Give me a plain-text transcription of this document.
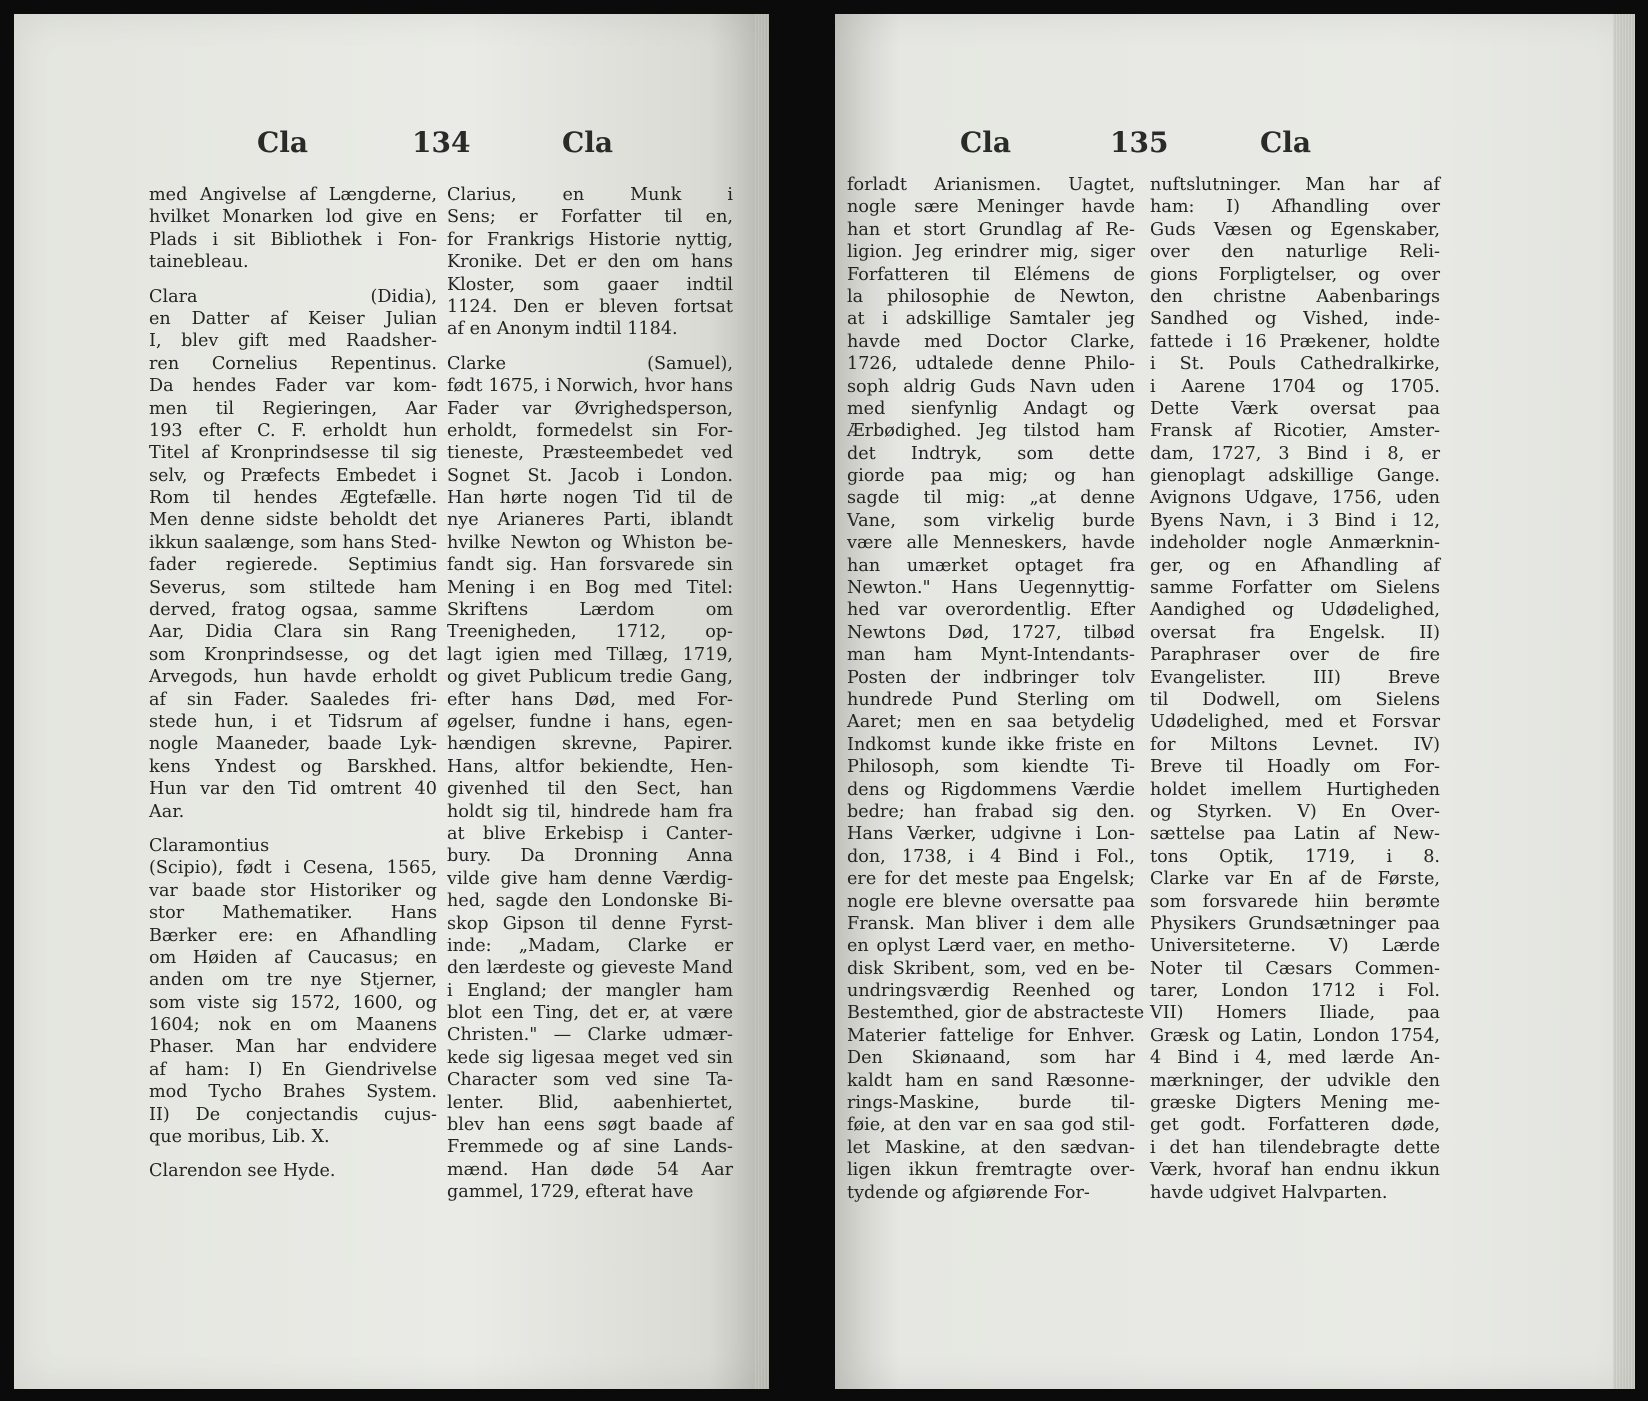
Cla	134	Cla
med Angivelse af Længderne,
hvilket Monarken lod give en
Plads i sit Bibliothek i Fon-
tainebleau.
Clara (Didia),
en Datter af Keiser Julian
I, blev gift med Raadsher-
ren Cornelius Repentinus.
Da hendes Fader var kom-
men til Regieringen, Aar
193 efter C. F. erholdt hun
Titel af Kronprindsesse til sig
selv, og Præfects Embedet i
Rom til hendes Ægtefælle.
Men denne sidste beholdt det
ikkun saalænge, som hans Sted-
fader regierede. Septimius
Severus, som stiltede ham
derved, fratog ogsaa, samme
Aar, Didia Clara sin Rang
som Kronprindsesse, og det
Arvegods, hun havde erholdt
af sin Fader. Saaledes fri-
stede hun, i et Tidsrum af
nogle Maaneder, baade Lyk-
kens Yndest og Barskhed.
Hun var den Tid omtrent 40
Aar.
Claramontius
(Scipio), født i Cesena, 1565,
var baade stor Historiker og
stor Mathematiker. Hans
Bærker ere: en Afhandling
om Høiden af Caucasus; en
anden om tre nye Stjerner,
som viste sig 1572, 1600, og
1604; nok en om Maanens
Phaser. Man har endvidere
af ham: I) En Giendrivelse
mod Tycho Brahes System.
II) De conjectandis cujus-
que moribus, Lib. X.
Clarendon see Hyde.
Clarius, en Munk i
Sens; er Forfatter til en,
for Frankrigs Historie nyttig,
Kronike. Det er den om hans
Kloster, som gaaer indtil
1124. Den er bleven fortsat
af en Anonym indtil 1184.
Clarke (Samuel),
født 1675, i Norwich, hvor hans
Fader var Øvrighedsperson,
erholdt, formedelst sin For-
tieneste, Præsteembedet ved
Sognet St. Jacob i London.
Han hørte nogen Tid til de
nye Arianeres Parti, iblandt
hvilke Newton og Whiston be-
fandt sig. Han forsvarede sin
Mening i en Bog med Titel:
Skriftens Lærdom om
Treenigheden, 1712, op-
lagt igien med Tillæg, 1719,
og givet Publicum tredie Gang,
efter hans Død, med For-
øgelser, fundne i hans, egen-
hændigen skrevne, Papirer.
Hans, altfor bekiendte, Hen-
givenhed til den Sect, han
holdt sig til, hindrede ham fra
at blive Erkebisp i Canter-
bury. Da Dronning Anna
vilde give ham denne Værdig-
hed, sagde den Londonske Bi-
skop Gipson til denne Fyrst-
inde: „Madam, Clarke er
den lærdeste og gieveste Mand
i England; der mangler ham
blot een Ting, det er, at være
Christen." — Clarke udmær-
kede sig ligesaa meget ved sin
Character som ved sine Ta-
lenter. Blid, aabenhiertet,
blev han eens søgt baade af
Fremmede og af sine Lands-
mænd. Han døde 54 Aar
gammel, 1729, efterat have
Cla	135	Cla
forladt Arianismen. Uagtet,
nogle sære Meninger havde
han et stort Grundlag af Re-
ligion. Jeg erindrer mig, siger
Forfatteren til Elémens de
la philosophie de Newton,
at i adskillige Samtaler jeg
havde med Doctor Clarke,
1726, udtalede denne Philo-
soph aldrig Guds Navn uden
med sienfynlig Andagt og
Ærbødighed. Jeg tilstod ham
det Indtryk, som dette
giorde paa mig; og han
sagde til mig: „at denne
Vane, som virkelig burde
være alle Menneskers, havde
han umærket optaget fra
Newton." Hans Uegennyttig-
hed var overordentlig. Efter
Newtons Død, 1727, tilbød
man ham Mynt-Intendants-
Posten der indbringer tolv
hundrede Pund Sterling om
Aaret; men en saa betydelig
Indkomst kunde ikke friste en
Philosoph, som kiendte Ti-
dens og Rigdommens Værdie
bedre; han frabad sig den.
Hans Værker, udgivne i Lon-
don, 1738, i 4 Bind i Fol.,
ere for det meste paa Engelsk;
nogle ere blevne oversatte paa
Fransk. Man bliver i dem alle
en oplyst Lærd vaer, en metho-
disk Skribent, som, ved en be-
undringsværdig Reenhed og
Bestemthed, gior de abstracteste
Materier fattelige for Enhver.
Den Skiønaand, som har
kaldt ham en sand Ræsonne-
rings-Maskine, burde til-
føie, at den var en saa god stil-
let Maskine, at den sædvan-
ligen ikkun fremtragte over-
tydende og afgiørende For-
nuftslutninger. Man har af
ham: I) Afhandling over
Guds Væsen og Egenskaber,
over den naturlige Reli-
gions Forpligtelser, og over
den christne Aabenbarings
Sandhed og Vished, inde-
fattede i 16 Prækener, holdte
i St. Pouls Cathedralkirke,
i Aarene 1704 og 1705.
Dette Værk oversat paa
Fransk af Ricotier, Amster-
dam, 1727, 3 Bind i 8, er
gienoplagt adskillige Gange.
Avignons Udgave, 1756, uden
Byens Navn, i 3 Bind i 12,
indeholder nogle Anmærknin-
ger, og en Afhandling af
samme Forfatter om Sielens
Aandighed og Udødelighed,
oversat fra Engelsk. II)
Paraphraser over de fire
Evangelister. III) Breve
til Dodwell, om Sielens
Udødelighed, med et Forsvar
for Miltons Levnet. IV)
Breve til Hoadly om For-
holdet imellem Hurtigheden
og Styrken. V) En Over-
sættelse paa Latin af New-
tons Optik, 1719, i 8.
Clarke var En af de Første,
som forsvarede hiin berømte
Physikers Grundsætninger paa
Universiteterne. V) Lærde
Noter til Cæsars Commen-
tarer, London 1712 i Fol.
VII) Homers Iliade, paa
Græsk og Latin, London 1754,
4 Bind i 4, med lærde An-
mærkninger, der udvikle den
græske Digters Mening me-
get godt. Forfatteren døde,
i det han tilendebragte dette
Værk, hvoraf han endnu ikkun
havde udgivet Halvparten.
